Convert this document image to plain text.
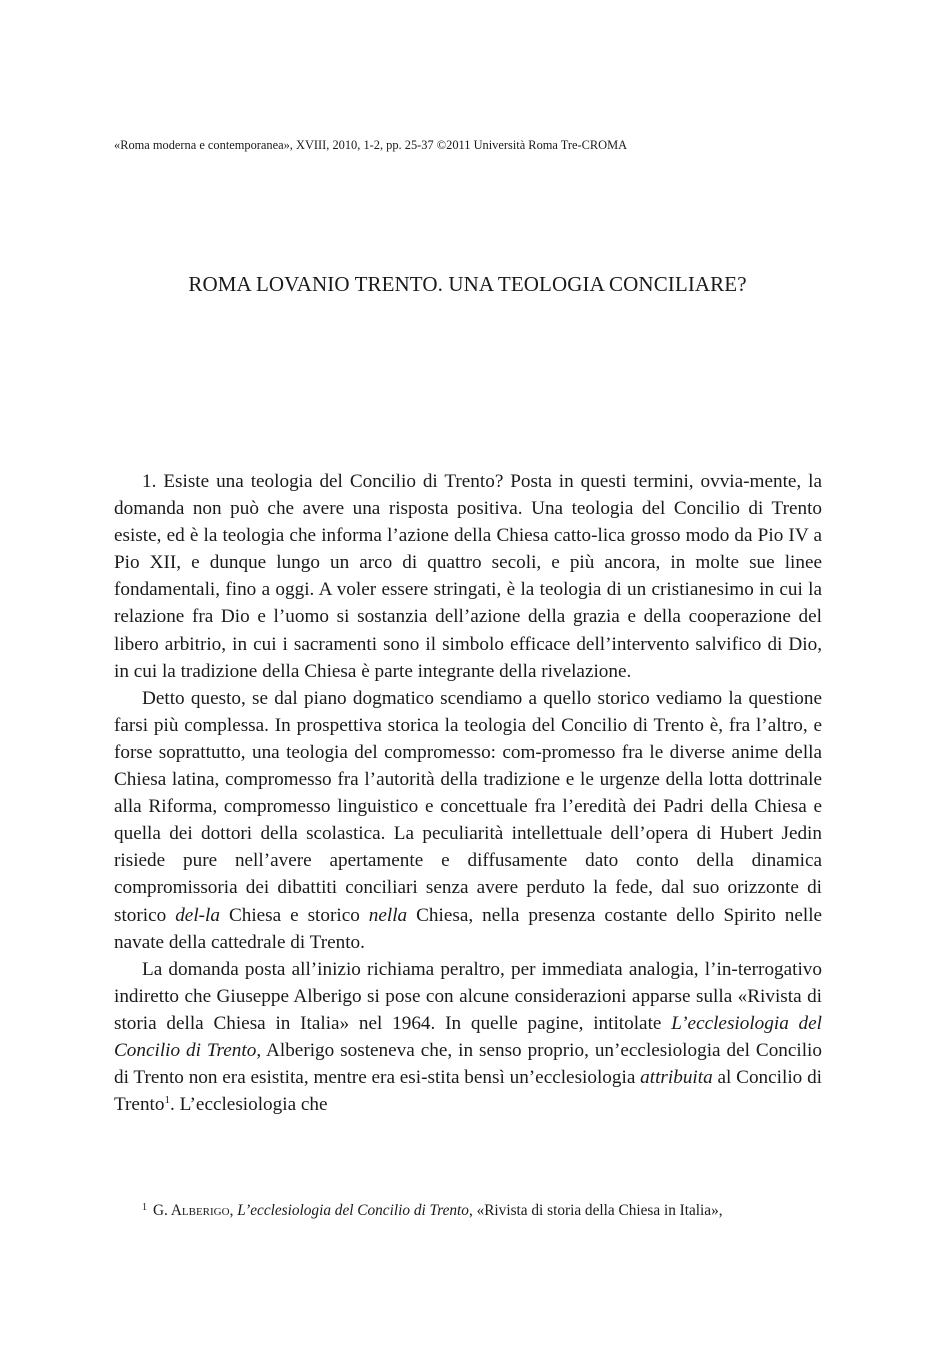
«Roma moderna e contemporanea», XVIII, 2010, 1-2, pp. 25-37 ©2011 Università Roma Tre-CROMA
ROMA LOVANIO TRENTO. UNA TEOLOGIA CONCILIARE?

1. Esiste una teologia del Concilio di Trento? Posta in questi termini, ovvia-mente, la domanda non può che avere una risposta positiva. Una teologia del Concilio di Trento esiste, ed è la teologia che informa l’azione della Chiesa catto-lica grosso modo da Pio IV a Pio XII, e dunque lungo un arco di quattro secoli, e più ancora, in molte sue linee fondamentali, fino a oggi. A voler essere stringati, è la teologia di un cristianesimo in cui la relazione fra Dio e l’uomo si sostanzia dell’azione della grazia e della cooperazione del libero arbitrio, in cui i sacramenti sono il simbolo efficace dell’intervento salvifico di Dio, in cui la tradizione della Chiesa è parte integrante della rivelazione.

Detto questo, se dal piano dogmatico scendiamo a quello storico vediamo la questione farsi più complessa. In prospettiva storica la teologia del Concilio di Trento è, fra l’altro, e forse soprattutto, una teologia del compromesso: com-promesso fra le diverse anime della Chiesa latina, compromesso fra l’autorità della tradizione e le urgenze della lotta dottrinale alla Riforma, compromesso linguistico e concettuale fra l’eredità dei Padri della Chiesa e quella dei dottori della scolastica. La peculiarità intellettuale dell’opera di Hubert Jedin risiede pure nell’avere apertamente e diffusamente dato conto della dinamica compromissoria dei dibattiti conciliari senza avere perduto la fede, dal suo orizzonte di storico del-la Chiesa e storico nella Chiesa, nella presenza costante dello Spirito nelle navate della cattedrale di Trento.

La domanda posta all’inizio richiama peraltro, per immediata analogia, l’in-terrogativo indiretto che Giuseppe Alberigo si pose con alcune considerazioni apparse sulla «Rivista di storia della Chiesa in Italia» nel 1964. In quelle pagine, intitolate L’ecclesiologia del Concilio di Trento, Alberigo sosteneva che, in senso proprio, un’ecclesiologia del Concilio di Trento non era esistita, mentre era esi-stita bensì un’ecclesiologia attribuita al Concilio di Trento$^1$. L’ecclesiologia che

$^1$ G. Alberigo, L’ecclesiologia del Concilio di Trento, «Rivista di storia della Chiesa in Italia»,
